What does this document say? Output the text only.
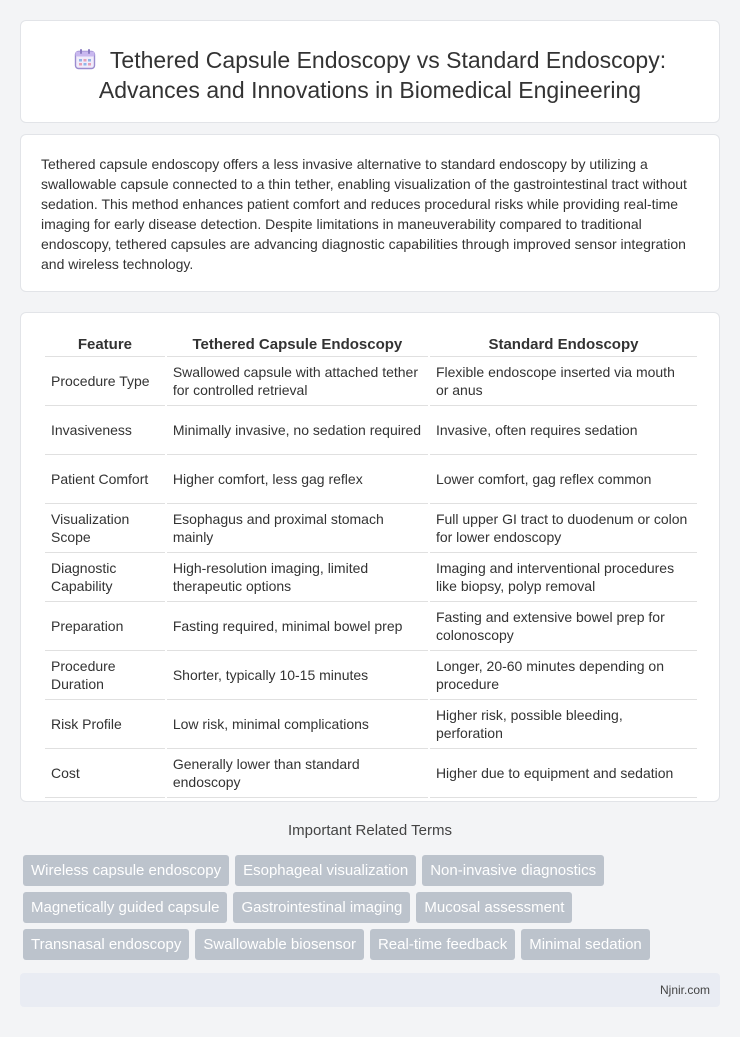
Tethered Capsule Endoscopy vs Standard Endoscopy: Advances and Innovations in Biomedical Engineering

Tethered capsule endoscopy offers a less invasive alternative to standard endoscopy by utilizing a swallowable capsule connected to a thin tether, enabling visualization of the gastrointestinal tract without sedation. This method enhances patient comfort and reduces procedural risks while providing real-time imaging for early disease detection. Despite limitations in maneuverability compared to traditional endoscopy, tethered capsules are advancing diagnostic capabilities through improved sensor integration and wireless technology.

Feature	Tethered Capsule Endoscopy	Standard Endoscopy
Procedure Type	Swallowed capsule with attached tether for controlled retrieval	Flexible endoscope inserted via mouth or anus
Invasiveness	Minimally invasive, no sedation required	Invasive, often requires sedation
Patient Comfort	Higher comfort, less gag reflex	Lower comfort, gag reflex common
Visualization Scope	Esophagus and proximal stomach mainly	Full upper GI tract to duodenum or colon for lower endoscopy
Diagnostic Capability	High-resolution imaging, limited therapeutic options	Imaging and interventional procedures like biopsy, polyp removal
Preparation	Fasting required, minimal bowel prep	Fasting and extensive bowel prep for colonoscopy
Procedure Duration	Shorter, typically 10-15 minutes	Longer, 20-60 minutes depending on procedure
Risk Profile	Low risk, minimal complications	Higher risk, possible bleeding, perforation
Cost	Generally lower than standard endoscopy	Higher due to equipment and sedation
Important Related Terms
Wireless capsule endoscopy	Esophageal visualization	Non-invasive diagnostics
Magnetically guided capsule	Gastrointestinal imaging	Mucosal assessment
Transnasal endoscopy	Swallowable biosensor	Real-time feedback	Minimal sedation
Njnir.com
